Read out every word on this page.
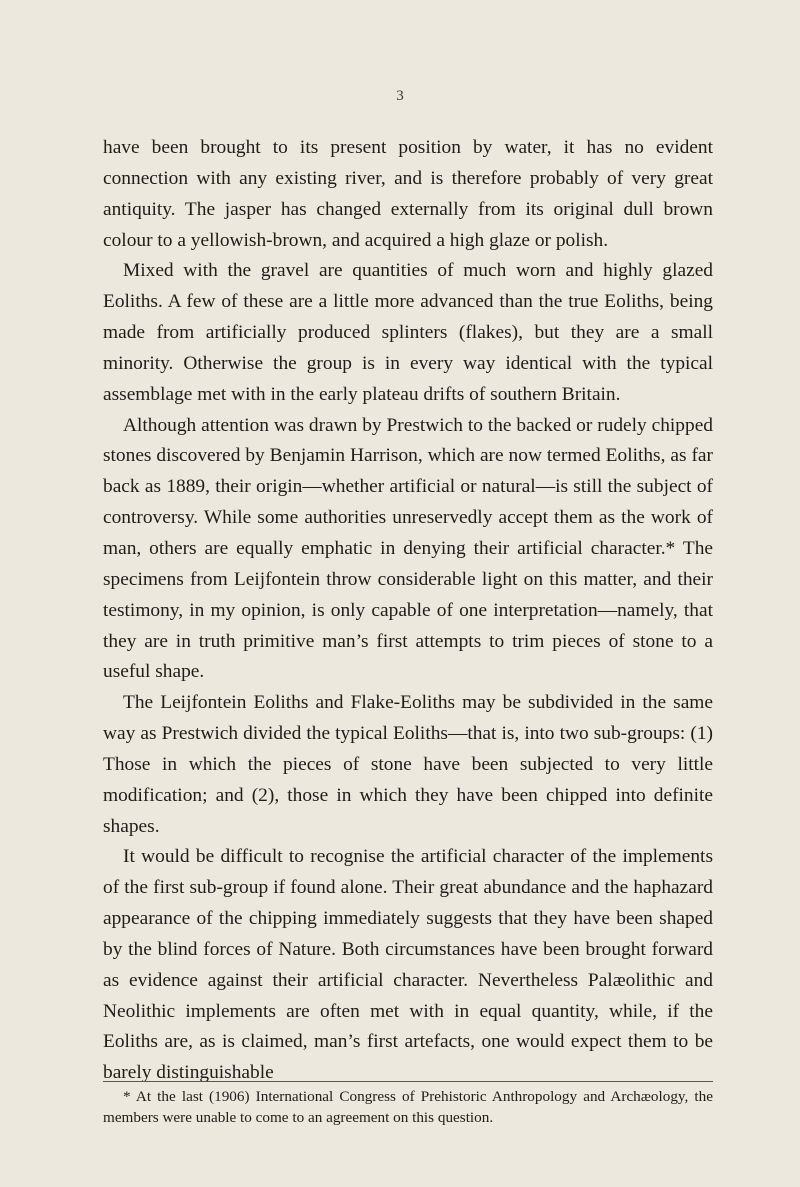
3

have been brought to its present position by water, it has no evident connection with any existing river, and is therefore probably of very great antiquity. The jasper has changed externally from its original dull brown colour to a yellowish-brown, and acquired a high glaze or polish.

Mixed with the gravel are quantities of much worn and highly glazed Eoliths. A few of these are a little more advanced than the true Eoliths, being made from artificially produced splinters (flakes), but they are a small minority. Otherwise the group is in every way identical with the typical assemblage met with in the early plateau drifts of southern Britain.

Although attention was drawn by Prestwich to the backed or rudely chipped stones discovered by Benjamin Harrison, which are now termed Eoliths, as far back as 1889, their origin—whether artificial or natural—is still the subject of controversy. While some authorities unreservedly accept them as the work of man, others are equally emphatic in denying their artificial character.* The specimens from Leijfontein throw considerable light on this matter, and their testimony, in my opinion, is only capable of one interpretation—namely, that they are in truth primitive man’s first attempts to trim pieces of stone to a useful shape.

The Leijfontein Eoliths and Flake-Eoliths may be subdivided in the same way as Prestwich divided the typical Eoliths—that is, into two sub-groups: (1) Those in which the pieces of stone have been subjected to very little modification; and (2), those in which they have been chipped into definite shapes.

It would be difficult to recognise the artificial character of the implements of the first sub-group if found alone. Their great abundance and the haphazard appearance of the chipping immediately suggests that they have been shaped by the blind forces of Nature. Both circumstances have been brought forward as evidence against their artificial character. Nevertheless Palæolithic and Neolithic implements are often met with in equal quantity, while, if the Eoliths are, as is claimed, man’s first artefacts, one would expect them to be barely distinguishable

* At the last (1906) International Congress of Prehistoric Anthropology and Archæology, the members were unable to come to an agreement on this question.
